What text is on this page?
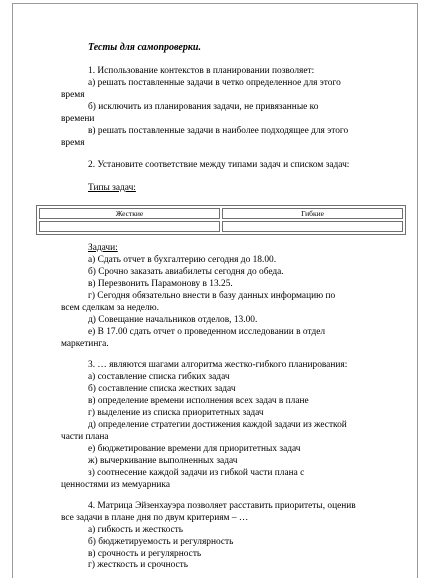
Тесты для самопроверки.
1. Использование контекстов в планировании позволяет:
а) решать поставленные задачи в четко определенное для этого
время
б) исключить из планирования задачи, не привязанные ко
времени
в) решать поставленные задачи в наиболее подходящее для этого
время
2. Установите соответствие между типами задач и списком задач:
Типы задач:
Жесткие	Гибкие

Задачи:
а) Сдать отчет в бухгалтерию сегодня до 18.00.
б) Срочно заказать авиабилеты сегодня до обеда.
в) Перезвонить Парамонову в 13.25.
г) Сегодня обязательно внести в базу данных информацию по
всем сделкам за неделю.
д) Совещание начальников отделов, 13.00.
е) В 17.00 сдать отчет о проведенном исследовании в отдел
маркетинга.
3. … являются шагами алгоритма жестко-гибкого планирования:
а) составление списка гибких задач
б) составление списка жестких задач
в) определение времени исполнения всех задач в плане
г) выделение из списка приоритетных задач
д) определение стратегии достижения каждой задачи из жесткой
части плана
е) бюджетирование времени для приоритетных задач
ж) вычеркивание выполненных задач
з) соотнесение каждой задачи из гибкой части плана с
ценностями из мемуарника
4. Матрица Эйзенхауэра позволяет расставить приоритеты, оценив
все задачи в плане дня по двум критериям – …
а) гибкость и жесткость
б) бюджетируемость и регулярность
в) срочность и регулярность
г) жесткость и срочность
